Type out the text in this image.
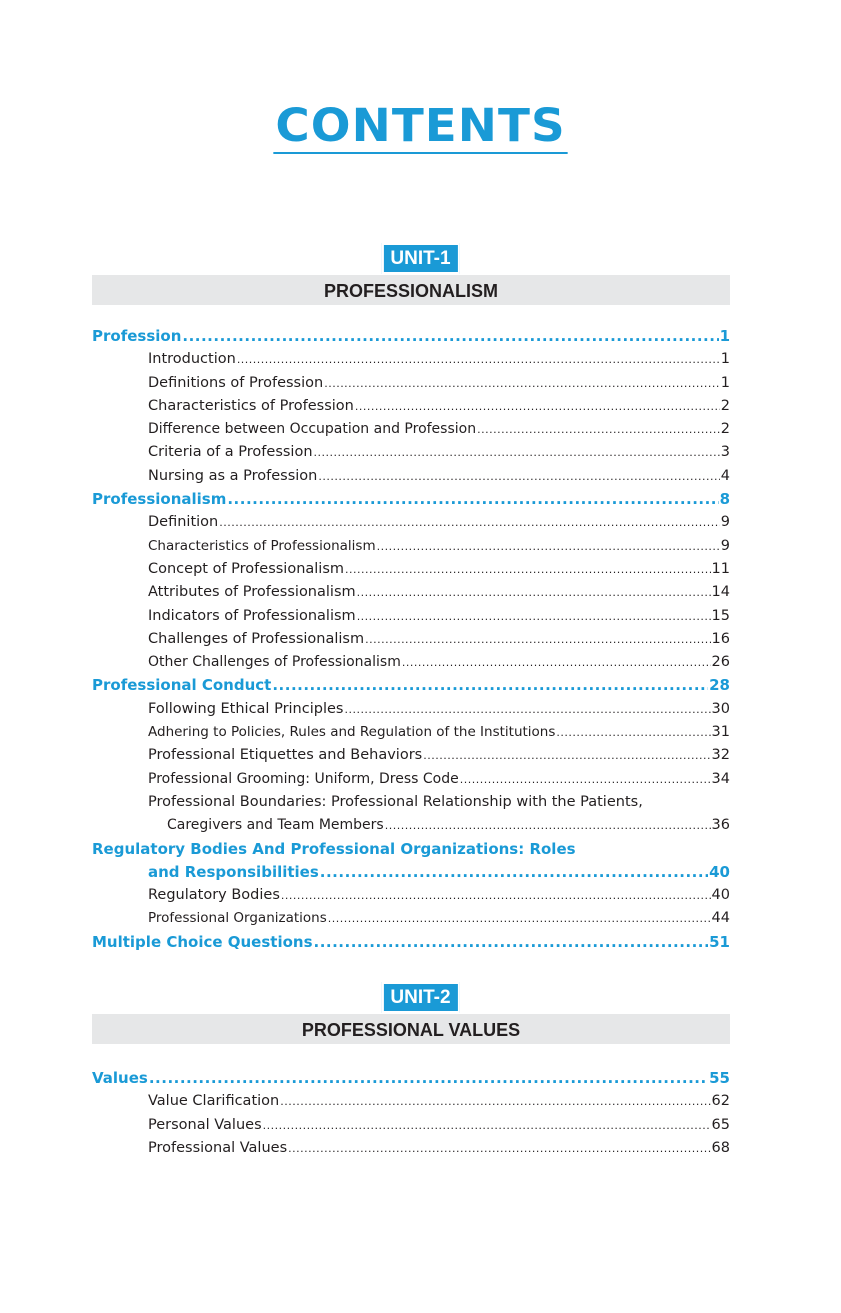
CONTENTS
UNIT-1
PROFESSIONALISM
Profession .....	1
Introduction .....	1
Definitions of Profession .....	1
Characteristics of Profession .....	2
Difference between Occupation and Profession .....	2
Criteria of a Profession .....	3
Nursing as a Profession .....	4
Professionalism .....	8
Definition .....	9
Characteristics of Professionalism .....	9
Concept of Professionalism .....	11
Attributes of Professionalism .....	14
Indicators of Professionalism .....	15
Challenges of Professionalism .....	16
Other Challenges of Professionalism .....	26
Professional Conduct .....	28
Following Ethical Principles .....	30
Adhering to Policies, Rules and Regulation of the Institutions .....	31
Professional Etiquettes and Behaviors .....	32
Professional Grooming: Uniform, Dress Code .....	34
Professional Boundaries: Professional Relationship with the Patients,
Caregivers and Team Members .....	36
Regulatory Bodies And Professional Organizations: Roles
and Responsibilities .....	40
Regulatory Bodies .....	40
Professional Organizations .....	44
Multiple Choice Questions .....	51
UNIT-2
PROFESSIONAL VALUES
Values .....	55
Value Clarification .....	62
Personal Values .....	65
Professional Values .....	68
